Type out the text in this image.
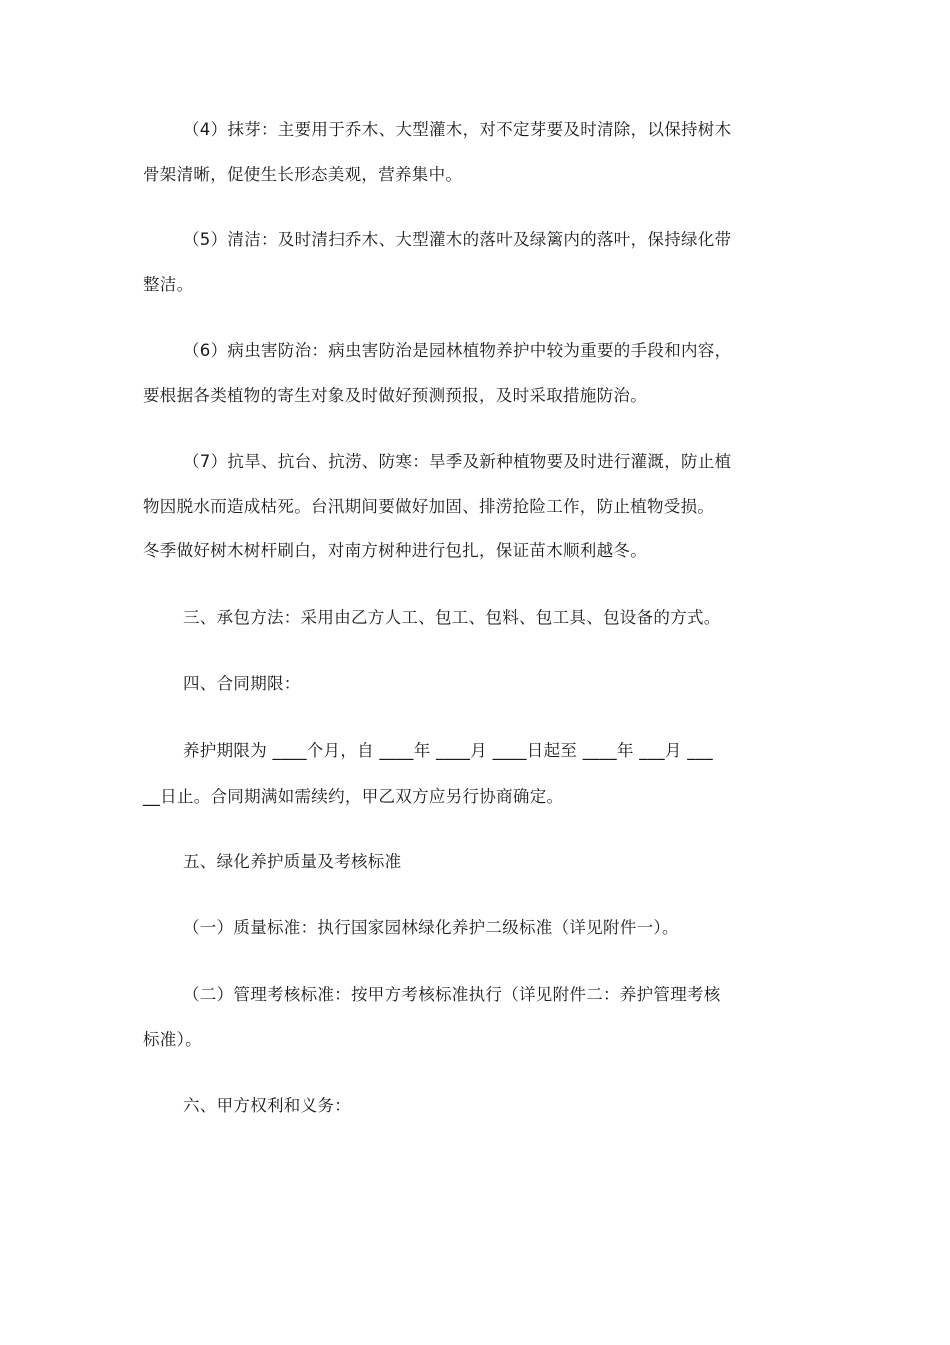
（4）抹芽：主要用于乔木、大型灌木，对不定芽要及时清除，以保持树木
骨架清晰，促使生长形态美观，营养集中。
（5）清洁：及时清扫乔木、大型灌木的落叶及绿篱内的落叶，保持绿化带
整洁。
（6）病虫害防治：病虫害防治是园林植物养护中较为重要的手段和内容，
要根据各类植物的寄生对象及时做好预测预报，及时采取措施防治。
（7）抗旱、抗台、抗涝、防寒：旱季及新种植物要及时进行灌溉，防止植
物因脱水而造成枯死。台汛期间要做好加固、排涝抢险工作，防止植物受损。
冬季做好树木树杆刷白，对南方树种进行包扎，保证苗木顺利越冬。
三、承包方法：采用由乙方人工、包工、包料、包工具、包设备的方式。
四、合同期限：
养护期限为 ____个月，自 ____年 ____月 ____日起至 ____年 ___月 ___
__日止。合同期满如需续约，甲乙双方应另行协商确定。
五、绿化养护质量及考核标准
（一）质量标准：执行国家园林绿化养护二级标准（详见附件一）。
（二）管理考核标准：按甲方考核标准执行（详见附件二：养护管理考核
标准）。
六、甲方权利和义务：
